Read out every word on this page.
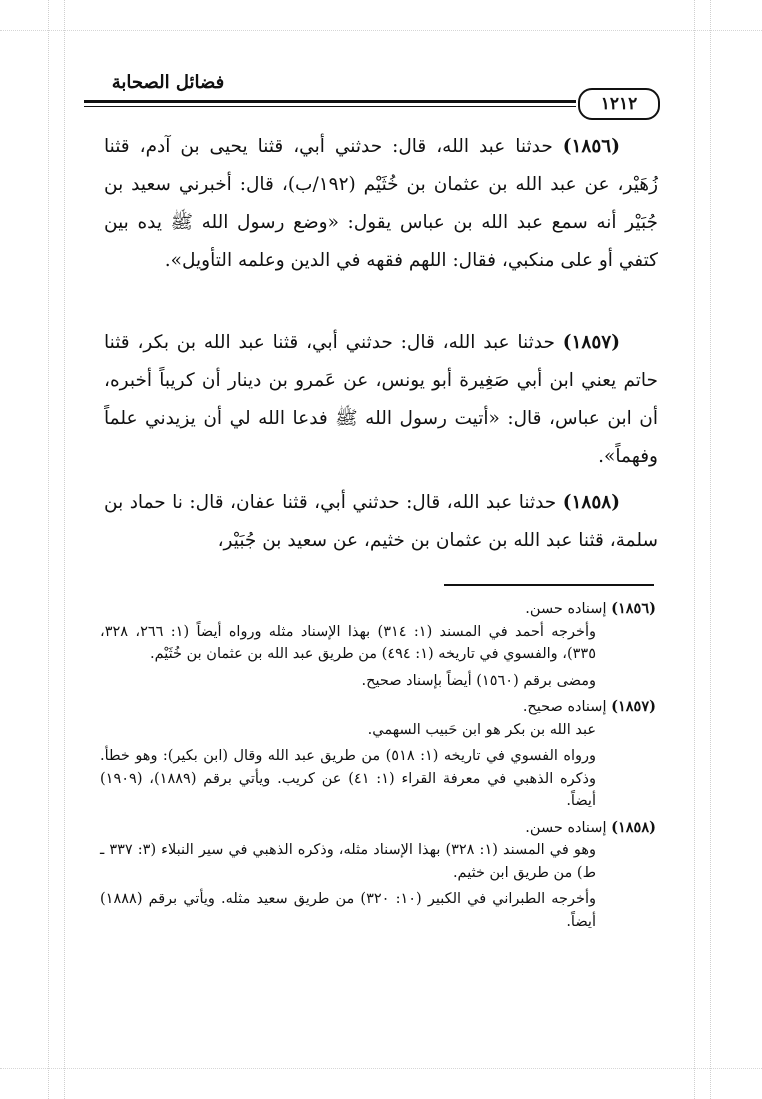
فضائل الصحابة
١٢١٢

(١٨٥٦) حدثنا عبد الله، قال: حدثني أبي، قثنا يحيى بن آدم، قثنا زُهَيْر، عن عبد الله بن عثمان بن خُثَيْم (١٩٢/ب)، قال: أخبرني سعيد بن جُبَيْر أنه سمع عبد الله بن عباس يقول: «وضع رسول الله ﷺ يده بين كتفي أو على منكبي، فقال: اللهم فقهه في الدين وعلمه التأويل».

(١٨٥٧) حدثنا عبد الله، قال: حدثني أبي، قثنا عبد الله بن بكر، قثنا حاتم يعني ابن أبي صَغِيرة أبو يونس، عن عَمرو بن دينار أن كريباً أخبره، أن ابن عباس، قال: «أتيت رسول الله ﷺ فدعا الله لي أن يزيدني علماً وفهماً».

(١٨٥٨) حدثنا عبد الله، قال: حدثني أبي، قثنا عفان، قال: نا حماد بن سلمة، قثنا عبد الله بن عثمان بن خثيم، عن سعيد بن جُبَيْر،

(١٨٥٦) إسناده حسن.

وأخرجه أحمد في المسند (١: ٣١٤) بهذا الإسناد مثله ورواه أيضاً (١: ٢٦٦، ٣٢٨، ٣٣٥)، والفسوي في تاريخه (١: ٤٩٤) من طريق عبد الله بن عثمان بن خُثَيْم.

ومضى برقم (١٥٦٠) أيضاً بإسناد صحيح.

(١٨٥٧) إسناده صحيح.

عبد الله بن بكر هو ابن حَبيب السهمي.

ورواه الفسوي في تاريخه (١: ٥١٨) من طريق عبد الله وقال (ابن بكير): وهو خطأ. وذكره الذهبي في معرفة القراء (١: ٤١) عن كريب. ويأتي برقم (١٨٨٩)، (١٩٠٩) أيضاً.

(١٨٥٨) إسناده حسن.

وهو في المسند (١: ٣٢٨) بهذا الإسناد مثله، وذكره الذهبي في سير النبلاء (٣: ٣٣٧ ـ ط) من طريق ابن خثيم.

وأخرجه الطبراني في الكبير (١٠: ٣٢٠) من طريق سعيد مثله. ويأتي برقم (١٨٨٨) أيضاً.
